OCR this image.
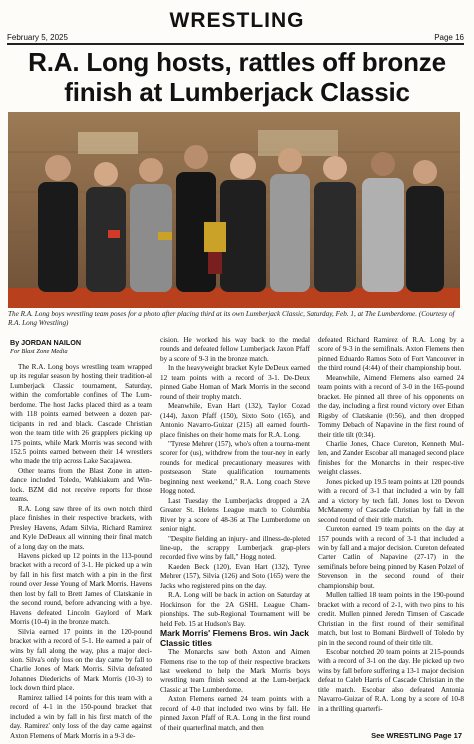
WRESTLING
February 5, 2025	Page 16
R.A. Long hosts, rattles off bronze finish at Lumberjack Classic
The R.A. Long boys wrestling team poses for a photo after placing third at its own Lumberjack Classic, Saturday, Feb. 1, at The Lumberdome. (Courtesy of R.A. Long Wrestling)

By JORDAN NAILON

For Blast Zone Media

The R.A. Long boys wrestling team wrapped up its regular season by hosting their tradition-al Lumberjack Classic tournament, Saturday, within the comfortable confines of The Lum-berdome. The host Jacks placed third as a team with 118 points earned between a dozen par-ticipants in red and black. Cascade Christian won the team title with 26 grapplers picking up 175 points, while Mark Morris was second with 152.5 points earned between their 14 wrestlers who made the trip across Lake Sacajawea.

Other teams from the Blast Zone in atten-dance included Toledo, Wahkiakum and Win-lock. BZM did not receive reports for those teams.

R.A. Long saw three of its own notch third place finishes in their respective brackets, with Presley Havens, Adam Silvia, Richard Ramirez and Kyle DeDeaux all winning their final match of a long day on the mats.

Havens picked up 12 points in the 113-pound bracket with a record of 3-1. He picked up a win by fall in his first match with a pin in the first round over Jesse Young of Mark Morris. Havens then lost by fall to Brett James of Clatskanie in the second round, before advancing with a bye. Havens defeated Lincoln Gaylord of Mark Morris (10-4) in the bronze match.

Silvia earned 17 points in the 120-pound bracket with a record of 5-1. He earned a pair of wins by fall along the way, plus a major deci-sion. Silva's only loss on the day came by fall to Charlie Jones of Mark Morris. Silvia defeated Johannes Diederichs of Mark Morris (10-3) to lock down third place.

Ramirez tallied 14 points for this team with a record of 4-1 in the 150-pound bracket that included a win by fall in his first match of the day. Ramirez' only loss of the day came against Axton Flemens of Mark Morris in a 9-3 de-

cision. He worked his way back to the medal rounds and defeated fellow Lumberjack Jaxon Pfaff by a score of 9-3 in the bronze match.

In the heavyweight bracket Kyle DeDeux earned 12 team points with a record of 3-1. De-Deux pinned Gabe Homan of Mark Morris in the second round of their trophy match.

Meanwhile, Evan Hart (132), Taylor Cozad (144), Jaxon Pfaff (150), Sixto Soto (165), and Antonio Navarro-Guizar (215) all earned fourth-place finishes on their home mats for R.A. Long.

"Tyrese Mehrer (157), who's often a tourna-ment scorer for (us), withdrew from the tour-ney in early rounds for medical precautionary measures with postseason State qualification tournaments beginning next weekend," R.A. Long coach Steve Hogg noted.

Last Tuesday the Lumberjacks dropped a 2A Greater St. Helens League match to Columbia River by a score of 48-36 at The Lumberdome on senior night.

"Despite fielding an injury- and illness-de-pleted line-up, the scrappy Lumberjack grap-plers recorded five wins by fall," Hogg noted.

Kaeden Beck (120), Evan Hart (132), Tyree Mehrer (157), Silvia (126) and Soto (165) were the Jacks who registered pins on the day.

R.A. Long will be back in action on Saturday at Hockinson for the 2A GSHL League Cham-pionships. The sub-Regional Tournament will be held Feb. 15 at Hudson's Bay.

Mark Morris' Flemens Bros. win Jack Classic titles

The Monarchs saw both Axton and Aimen Flemens rise to the top of their respective brackets last weekend to help the Mark Morris boys wrestling team finish second at the Lum-berjack Classic at The Lumberdome.

Axton Flemens earned 24 team points with a record of 4-0 that included two wins by fall. He pinned Jaxon Pfaff of R.A. Long in the first round of their quarterfinal match, and then

defeated Richard Ramirez of R.A. Long by a score of 9-3 in the semifinals. Axton Flemens then pinned Eduardo Ramos Soto of Fort Vancouver in the third round (4:44) of their championship bout.

Meanwhile, Aimend Flemens also earned 24 team points with a record of 3-0 in the 165-pound bracket. He pinned all three of his opponents on the day, including a first round victory over Ethan Rigsby of Clatskanie (0:56), and then dropped Tommy Debach of Napavine in the first round of their title tilt (0:34).

Charlie Jones, Chace Cureton, Kenneth Mul-len, and Zander Escobar all managed second place finishes for the Monarchs in their respec-tive weight classes.

Jones picked up 19.5 team points at 120 pounds with a record of 3-1 that included a win by fall and a victory by tech fall. Jones lost to Devon McManemy of Cascade Christian by fall in the second round of their title match.

Cureton earned 19 team points on the day at 157 pounds with a record of 3-1 that included a win by fall and a major decision. Cureton defeated Carter Catlin of Napavine (27-17) in the semifinals before being pinned by Kasen Polzel of Stevenson in the second round of their championship bout.

Mullen tallied 18 team points in the 190-pound bracket with a record of 2-1, with two pins to his credit. Mullen pinned Jeredn Timsen of Cascade Christian in the first round of their semifinal match, but lost to Bomani Birdwell of Toledo by pin in the second round of their title tilt.

Escobar notched 20 team points at 215-pounds with a record of 3-1 on the day. He picked up two wins by fall before suffering a 13-1 major decision defeat to Caleb Harris of Cascade Christian in the title match. Escobar also defeated Antonia Navarro-Guizar of R.A. Long by a score of 10-8 in a thrilling quarterfi-

See WRESTLING Page 17
